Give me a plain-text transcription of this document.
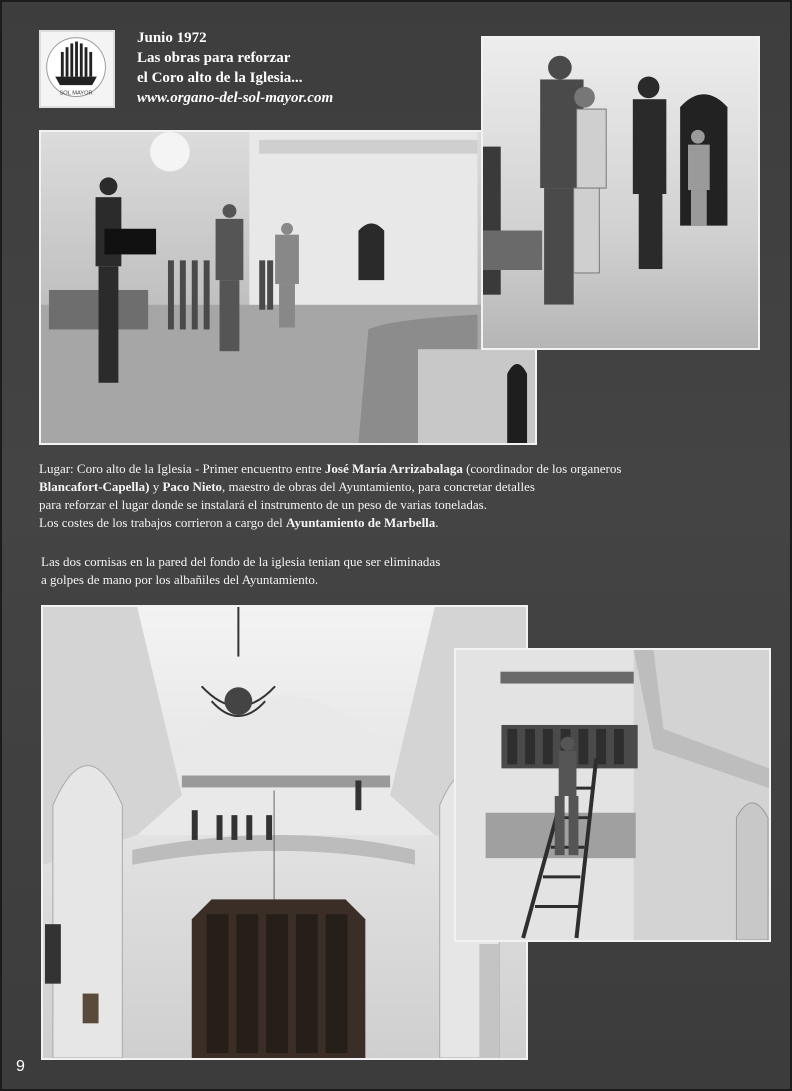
SOL MAYOR
Junio 1972
Las obras para reforzar
el Coro alto de la Iglesia...
www.organo-del-sol-mayor.com
Lugar: Coro alto de la Iglesia - Primer encuentro entre José María Arrizabalaga (coordinador de los organeros
Blancafort-Capella) y Paco Nieto, maestro de obras del Ayuntamiento, para concretar detalles
para reforzar el lugar donde se instalará el instrumento de un peso de varias toneladas.
Los costes de los trabajos corrieron a cargo del Ayuntamiento de Marbella.
Las dos cornisas en la pared del fondo de la iglesia tenian que ser eliminadas
a golpes de mano por los albañiles del Ayuntamiento.
9
